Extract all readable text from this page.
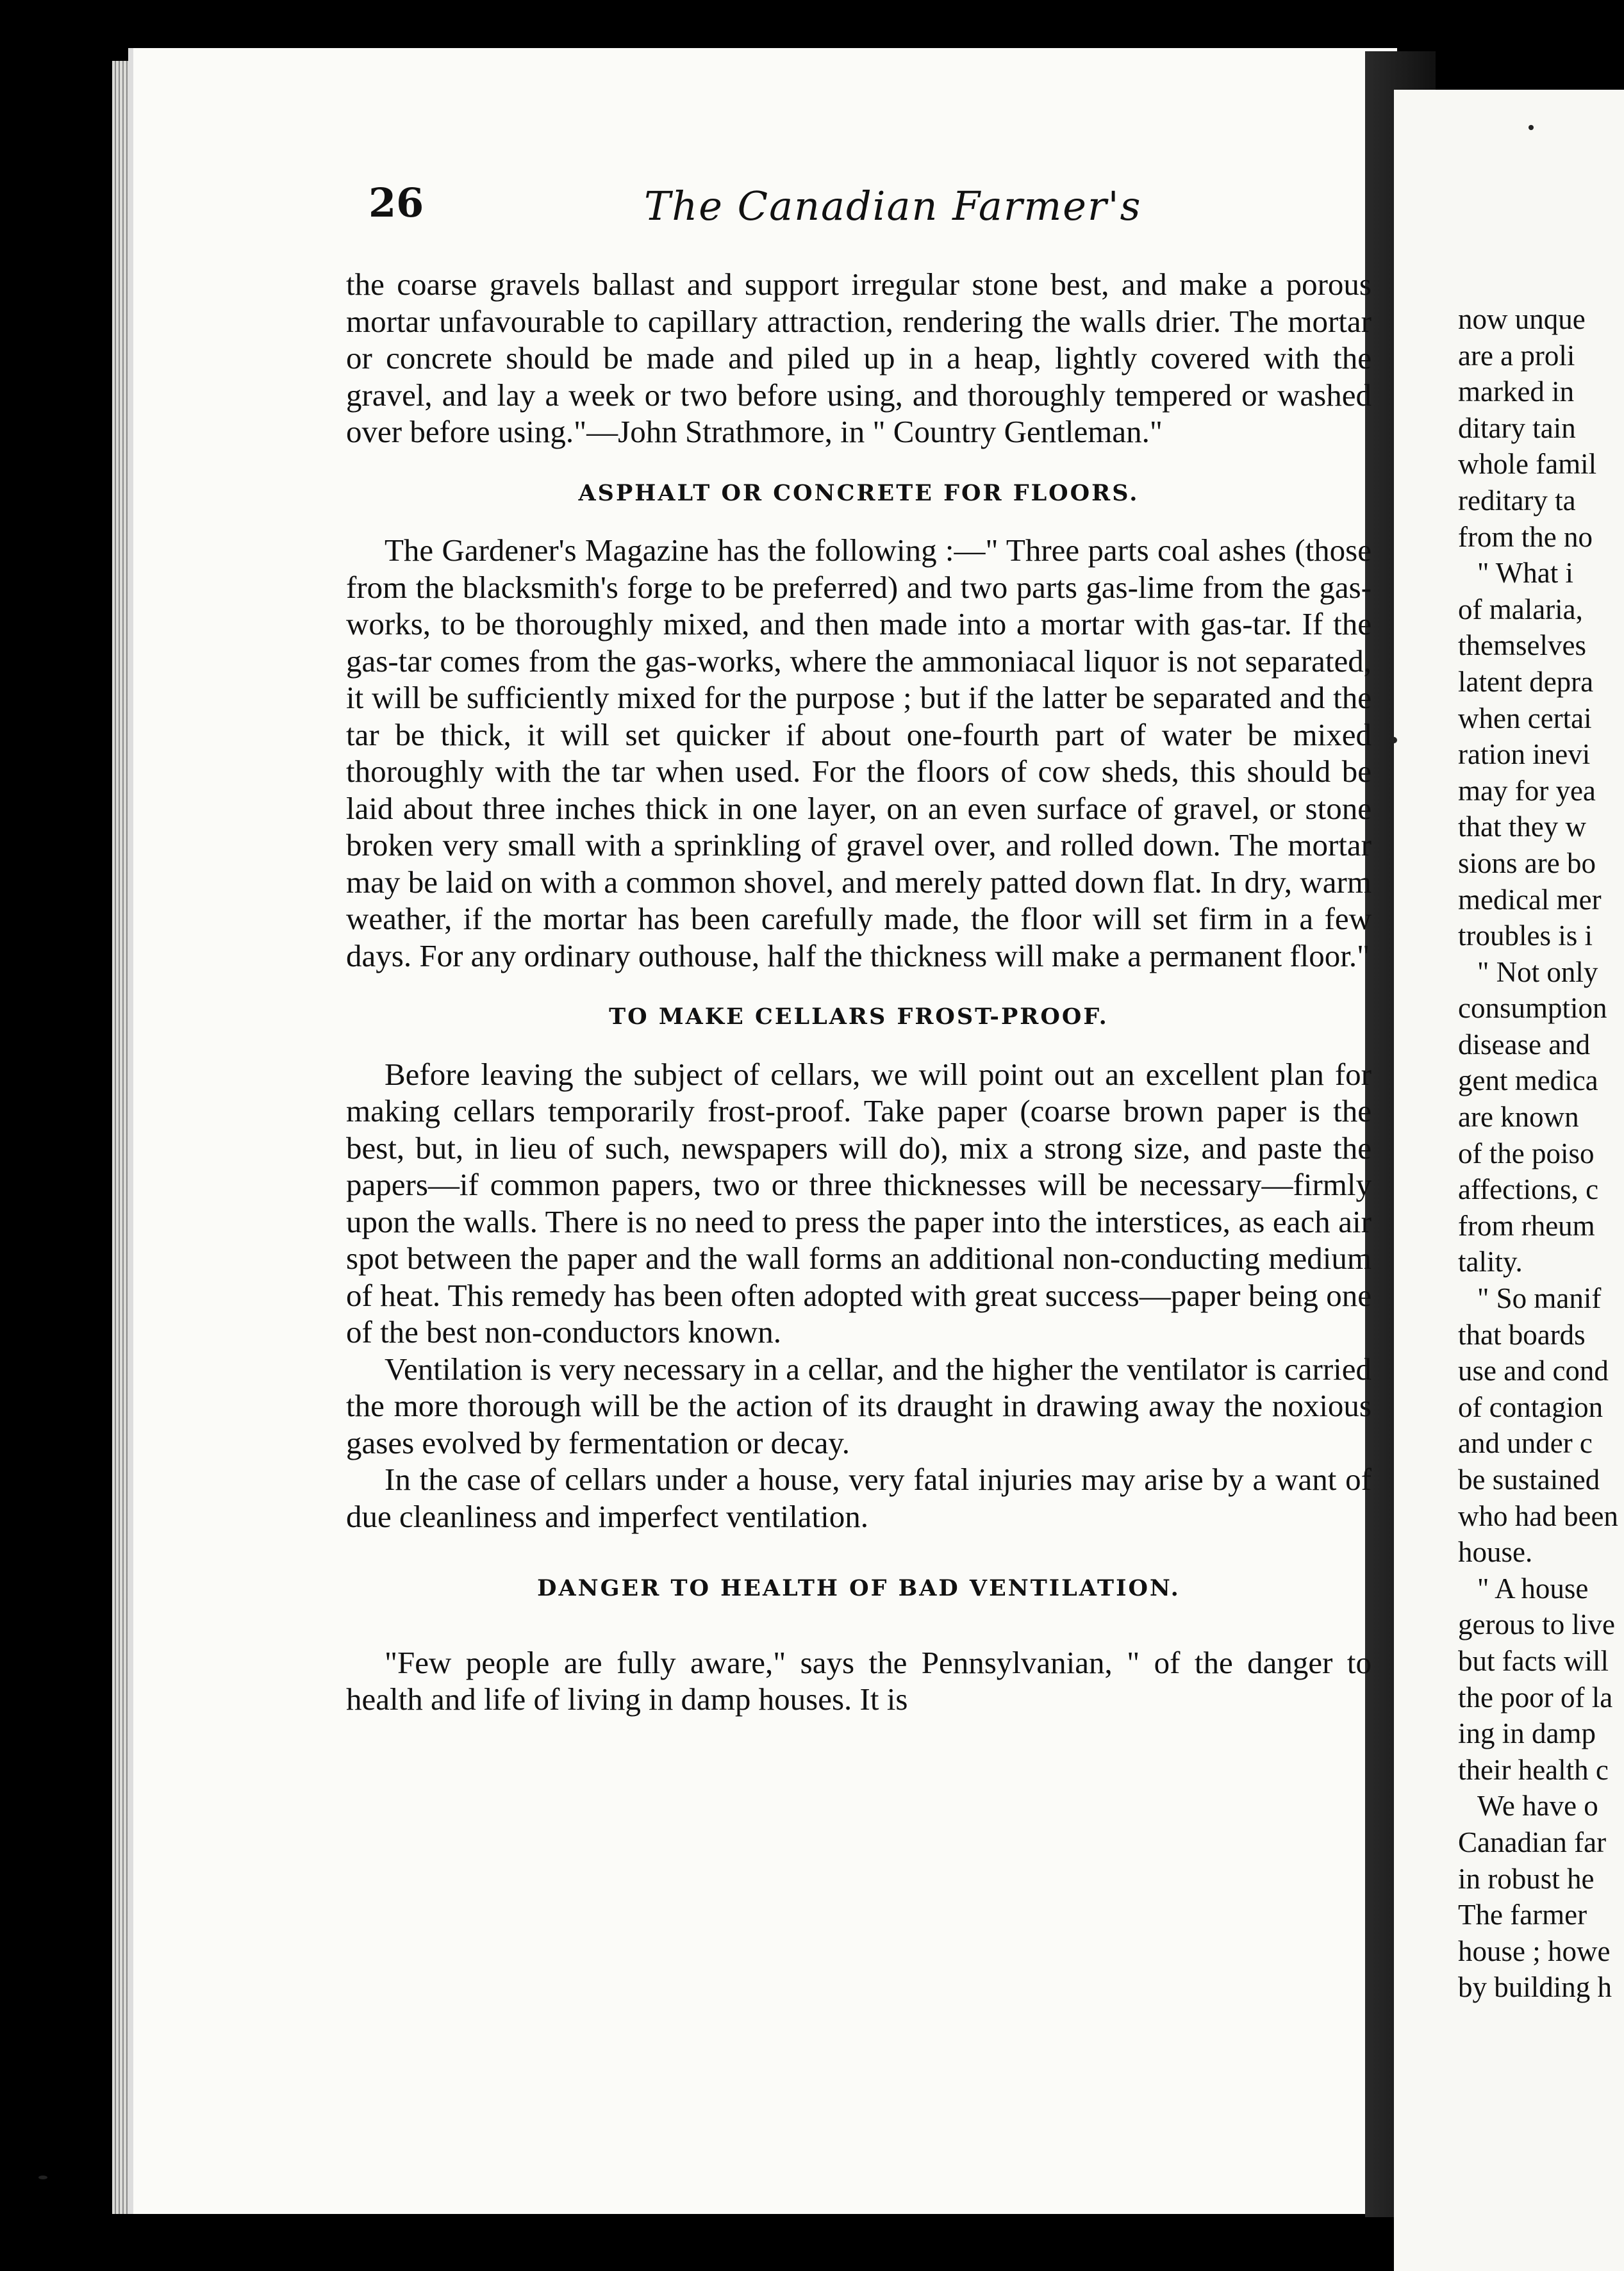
now unque
are a proli
marked in
ditary tain
whole famil
reditary ta
from the no
" What i
of malaria,
themselves
latent depra
when certai
ration inevi
may for yea
that they w
sions are bo
medical mer
troubles is i
" Not only
consumption
disease and
gent medica
are known
of the poiso
affections, c
from rheum
tality.
" So manif
that boards
use and cond
of contagion
and under c
be sustained
who had been
house.
" A house
gerous to live
but facts will
the poor of la
ing in damp
their health c
We have o
Canadian far
in robust he
The farmer
house ; howe
by building h
26	The Canadian Farmer's

the coarse gravels ballast and support irregular stone best, and make a porous mortar unfavourable to capillary attraction, rendering the walls drier. The mortar or concrete should be made and piled up in a heap, lightly covered with the gravel, and lay a week or two before using, and thoroughly tempered or washed over before using."—John Strathmore, in " Country Gentleman."

ASPHALT OR CONCRETE FOR FLOORS.

The Gardener's Magazine has the following :—" Three parts coal ashes (those from the blacksmith's forge to be preferred) and two parts gas-lime from the gas-works, to be thoroughly mixed, and then made into a mortar with gas-tar. If the gas-tar comes from the gas-works, where the ammoniacal liquor is not separated, it will be sufficiently mixed for the purpose ; but if the latter be separated and the tar be thick, it will set quicker if about one-fourth part of water be mixed thoroughly with the tar when used. For the floors of cow sheds, this should be laid about three inches thick in one layer, on an even surface of gravel, or stone broken very small with a sprinkling of gravel over, and rolled down. The mortar may be laid on with a common shovel, and merely patted down flat. In dry, warm weather, if the mortar has been carefully made, the floor will set firm in a few days. For any ordinary outhouse, half the thickness will make a permanent floor."

TO MAKE CELLARS FROST-PROOF.

Before leaving the subject of cellars, we will point out an excellent plan for making cellars temporarily frost-proof. Take paper (coarse brown paper is the best, but, in lieu of such, newspapers will do), mix a strong size, and paste the papers—if common papers, two or three thicknesses will be necessary—firmly upon the walls. There is no need to press the paper into the interstices, as each air spot between the paper and the wall forms an additional non-conducting medium of heat. This remedy has been often adopted with great success—paper being one of the best non-conductors known.

Ventilation is very necessary in a cellar, and the higher the ventilator is carried the more thorough will be the action of its draught in drawing away the noxious gases evolved by fermentation or decay.

In the case of cellars under a house, very fatal injuries may arise by a want of due cleanliness and imperfect ventilation.

DANGER TO HEALTH OF BAD VENTILATION.

"Few people are fully aware," says the Pennsylvanian, " of the danger to health and life of living in damp houses. It is
